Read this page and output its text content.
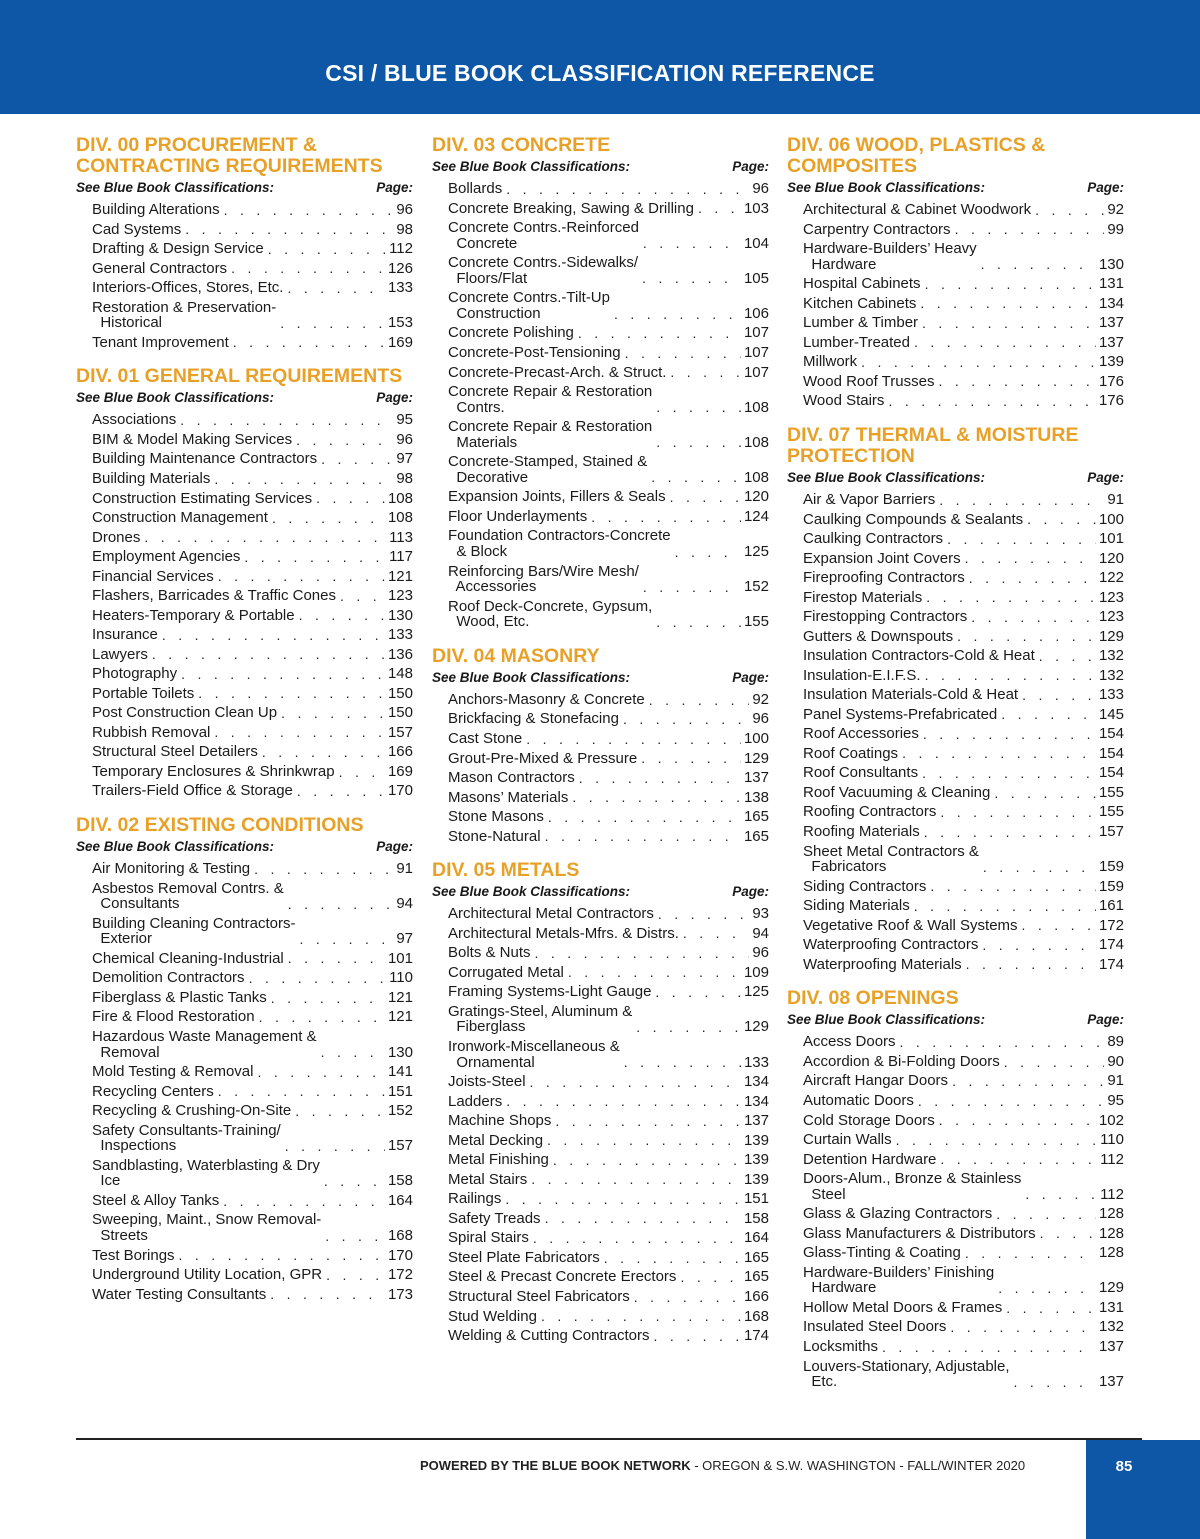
CSI / BLUE BOOK CLASSIFICATION REFERENCE
DIV. 00 PROCUREMENT &
CONTRACTING REQUIREMENTS
See Blue Book Classifications:	Page:
Building Alterations . . .	96
Cad Systems . . .	98
Drafting & Design Service . . .	112
General Contractors . . .	126
Interiors-Offices, Stores, Etc. . . .	133
Restoration & Preservation-
Historical . . .	153
Tenant Improvement . . .	169
DIV. 01 GENERAL REQUIREMENTS
See Blue Book Classifications:	Page:
Associations . . .	95
BIM & Model Making Services . . .	96
Building Maintenance Contractors . . .	97
Building Materials . . .	98
Construction Estimating Services . . .	108
Construction Management . . .	108
Drones . . .	113
Employment Agencies . . .	117
Financial Services . . .	121
Flashers, Barricades & Traffic Cones . . .	123
Heaters-Temporary & Portable . . .	130
Insurance . . .	133
Lawyers . . .	136
Photography . . .	148
Portable Toilets . . .	150
Post Construction Clean Up . . .	150
Rubbish Removal . . .	157
Structural Steel Detailers . . .	166
Temporary Enclosures & Shrinkwrap . . .	169
Trailers-Field Office & Storage . . .	170
DIV. 02 EXISTING CONDITIONS
See Blue Book Classifications:	Page:
Air Monitoring & Testing . . .	91
Asbestos Removal Contrs. &
Consultants . . .	94
Building Cleaning Contractors-
Exterior . . .	97
Chemical Cleaning-Industrial . . .	101
Demolition Contractors . . .	110
Fiberglass & Plastic Tanks . . .	121
Fire & Flood Restoration . . .	121
Hazardous Waste Management &
Removal . . .	130
Mold Testing & Removal . . .	141
Recycling Centers . . .	151
Recycling & Crushing-On-Site . . .	152
Safety Consultants-Training/
Inspections . . .	157
Sandblasting, Waterblasting & Dry
Ice . . .	158
Steel & Alloy Tanks . . .	164
Sweeping, Maint., Snow Removal-
Streets . . .	168
Test Borings . . .	170
Underground Utility Location, GPR . . .	172
Water Testing Consultants . . .	173
DIV. 03 CONCRETE
See Blue Book Classifications:	Page:
Bollards . . .	96
Concrete Breaking, Sawing & Drilling . . .	103
Concrete Contrs.-Reinforced
Concrete . . .	104
Concrete Contrs.-Sidewalks/
Floors/Flat . . .	105
Concrete Contrs.-Tilt-Up
Construction . . .	106
Concrete Polishing . . .	107
Concrete-Post-Tensioning . . .	107
Concrete-Precast-Arch. & Struct. . . .	107
Concrete Repair & Restoration
Contrs. . . .	108
Concrete Repair & Restoration
Materials . . .	108
Concrete-Stamped, Stained &
Decorative . . .	108
Expansion Joints, Fillers & Seals . . .	120
Floor Underlayments . . .	124
Foundation Contractors-Concrete
& Block . . .	125
Reinforcing Bars/Wire Mesh/
Accessories . . .	152
Roof Deck-Concrete, Gypsum,
Wood, Etc. . . .	155
DIV. 04 MASONRY
See Blue Book Classifications:	Page:
Anchors-Masonry & Concrete . . .	92
Brickfacing & Stonefacing . . .	96
Cast Stone . . .	100
Grout-Pre-Mixed & Pressure . . .	129
Mason Contractors . . .	137
Masons’ Materials . . .	138
Stone Masons . . .	165
Stone-Natural . . .	165
DIV. 05 METALS
See Blue Book Classifications:	Page:
Architectural Metal Contractors . . .	93
Architectural Metals-Mfrs. & Distrs. . . .	94
Bolts & Nuts . . .	96
Corrugated Metal . . .	109
Framing Systems-Light Gauge . . .	125
Gratings-Steel, Aluminum &
Fiberglass . . .	129
Ironwork-Miscellaneous &
Ornamental . . .	133
Joists-Steel . . .	134
Ladders . . .	134
Machine Shops . . .	137
Metal Decking . . .	139
Metal Finishing . . .	139
Metal Stairs . . .	139
Railings . . .	151
Safety Treads . . .	158
Spiral Stairs . . .	164
Steel Plate Fabricators . . .	165
Steel & Precast Concrete Erectors . . .	165
Structural Steel Fabricators . . .	166
Stud Welding . . .	168
Welding & Cutting Contractors . . .	174
DIV. 06 WOOD, PLASTICS &
COMPOSITES
See Blue Book Classifications:	Page:
Architectural & Cabinet Woodwork . . .	92
Carpentry Contractors . . .	99
Hardware-Builders’ Heavy
Hardware . . .	130
Hospital Cabinets . . .	131
Kitchen Cabinets . . .	134
Lumber & Timber . . .	137
Lumber-Treated . . .	137
Millwork . . .	139
Wood Roof Trusses . . .	176
Wood Stairs . . .	176
DIV. 07 THERMAL & MOISTURE
PROTECTION
See Blue Book Classifications:	Page:
Air & Vapor Barriers . . .	91
Caulking Compounds & Sealants . . .	100
Caulking Contractors . . .	101
Expansion Joint Covers . . .	120
Fireproofing Contractors . . .	122
Firestop Materials . . .	123
Firestopping Contractors . . .	123
Gutters & Downspouts . . .	129
Insulation Contractors-Cold & Heat . . .	132
Insulation-E.I.F.S. . . .	132
Insulation Materials-Cold & Heat . . .	133
Panel Systems-Prefabricated . . .	145
Roof Accessories . . .	154
Roof Coatings . . .	154
Roof Consultants . . .	154
Roof Vacuuming & Cleaning . . .	155
Roofing Contractors . . .	155
Roofing Materials . . .	157
Sheet Metal Contractors &
Fabricators . . .	159
Siding Contractors . . .	159
Siding Materials . . .	161
Vegetative Roof & Wall Systems . . .	172
Waterproofing Contractors . . .	174
Waterproofing Materials . . .	174
DIV. 08 OPENINGS
See Blue Book Classifications:	Page:
Access Doors . . .	89
Accordion & Bi-Folding Doors . . .	90
Aircraft Hangar Doors . . .	91
Automatic Doors . . .	95
Cold Storage Doors . . .	102
Curtain Walls . . .	110
Detention Hardware . . .	112
Doors-Alum., Bronze & Stainless
Steel . . .	112
Glass & Glazing Contractors . . .	128
Glass Manufacturers & Distributors . . .	128
Glass-Tinting & Coating . . .	128
Hardware-Builders’ Finishing
Hardware . . .	129
Hollow Metal Doors & Frames . . .	131
Insulated Steel Doors . . .	132
Locksmiths . . .	137
Louvers-Stationary, Adjustable,
Etc. . . .	137
POWERED BY THE BLUE BOOK NETWORK - OREGON & S.W. WASHINGTON - FALL/WINTER 2020	85
